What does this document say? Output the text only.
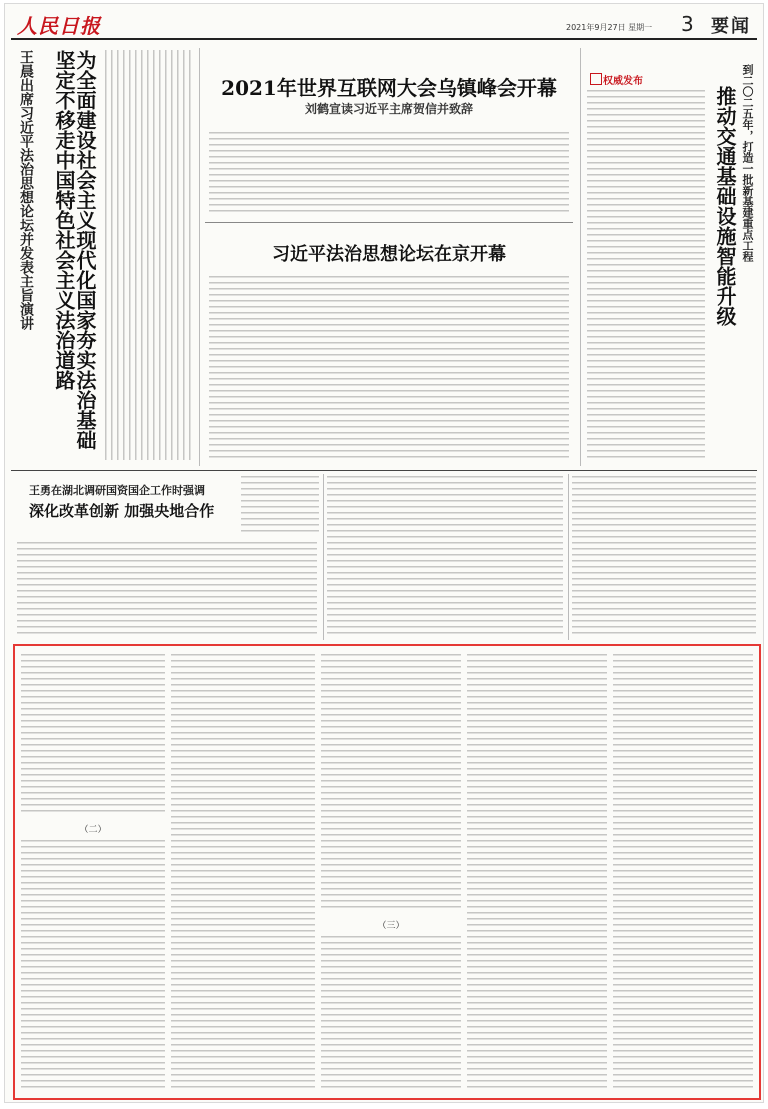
人民日报	2021年9月27日 星期一 3 要闻
为全面建设社会主义现代化国家夯实法治基础 坚定不移走中国特色社会主义法治道路
王晨出席习近平法治思想论坛并发表主旨演讲	2021年世界互联网大会乌镇峰会开幕
刘鹤宣读习近平主席贺信并致辞
习近平法治思想论坛在京开幕
权威发布
推动交通基础设施智能升级 到二〇二五年，打造一批新基建重点工程
王勇在湖北调研国资国企工作时强调
深化改革创新 加强央地合作
（二）
（三）
